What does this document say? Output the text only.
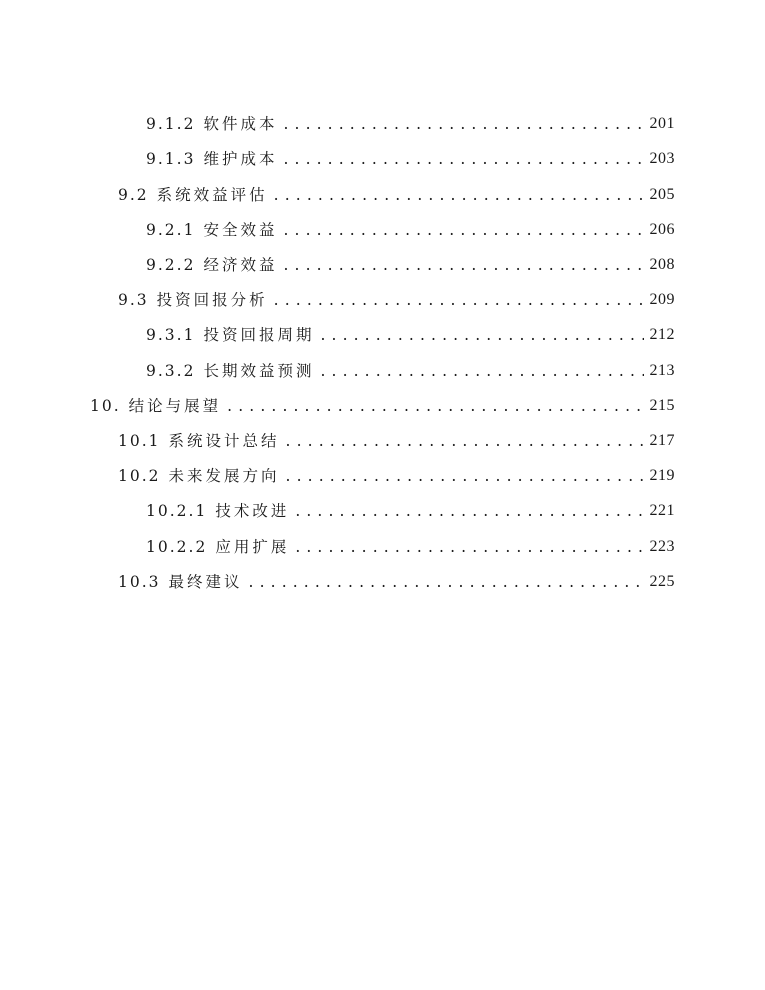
9.1.2 软件成本 . . .	201
9.1.3 维护成本 . . .	203
9.2 系统效益评估 . . .	205
9.2.1 安全效益 . . .	206
9.2.2 经济效益 . . .	208
9.3 投资回报分析 . . .	209
9.3.1 投资回报周期 . . .	212
9.3.2 长期效益预测 . . .	213
10. 结论与展望 . . .	215
10.1 系统设计总结 . . .	217
10.2 未来发展方向 . . .	219
10.2.1 技术改进 . . .	221
10.2.2 应用扩展 . . .	223
10.3 最终建议 . . .	225
